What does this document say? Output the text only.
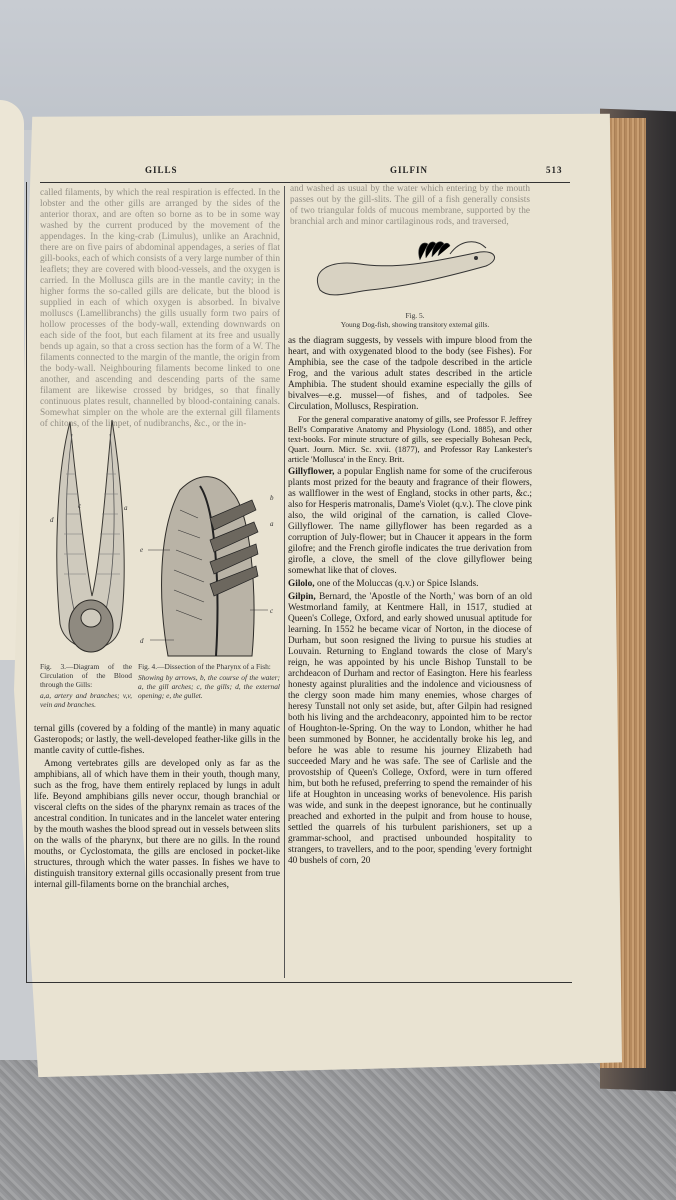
GILLS	GILFIN	513

called filaments, by which the real respiration is effected. In the lobster and the other gills are arranged by the sides of the anterior thorax, and are often so borne as to be in some way washed by the current produced by the movement of the appendages. In the king-crab (Limulus), unlike an Arachnid, there are on five pairs of abdominal appendages, a series of flat gill-books, each of which consists of a very large number of thin leaflets; they are covered with blood-vessels, and the oxygen is carried. In the Mollusca gills are in the mantle cavity; in the higher forms the so-called gills are delicate, but the blood is supplied in each of which oxygen is absorbed. In bivalve molluscs (Lamellibranchs) the gills usually form two pairs of hollow processes of the body-wall, extending downwards on each side of the foot, but each filament at its free and usually bends up again, so that a cross section has the form of a W. The filaments connected to the margin of the mantle, the origin from the body-wall. Neighbouring filaments become linked to one another, and ascending and descending parts of the same filament are likewise crossed by bridges, so that finally continuous plates result, channelled by blood-containing canals. Somewhat simpler on the whole are the external gill filaments of chitons, of the limpet, of nudibranchs, &c., or the in-

d
c	a
Fig. 3.—Diagram of the Circulation of the Blood through the Gills:
a,a, artery and branches; v,v, vein and branches.
e
d
b
a
c
Fig. 4.—Dissection of the Pharynx of a Fish:
Showing by arrows, b, the course of the water; a, the gill arches; c, the gills; d, the external opening; e, the gullet.

ternal gills (covered by a folding of the mantle) in many aquatic Gasteropods; or lastly, the well-developed feather-like gills in the mantle cavity of cuttle-fishes.

Among vertebrates gills are developed only as far as the amphibians, all of which have them in their youth, though many, such as the frog, have them entirely replaced by lungs in adult life. Beyond amphibians gills never occur, though branchial or visceral clefts on the sides of the pharynx remain as traces of the ancestral condition. In tunicates and in the lancelet water entering by the mouth washes the blood spread out in vessels between slits on the walls of the pharynx, but there are no gills. In the round mouths, or Cyclostomata, the gills are enclosed in pocket-like structures, through which the water passes. In fishes we have to distinguish transitory external gills occasionally present from true internal gill-filaments borne on the branchial arches,

and washed as usual by the water which entering by the mouth passes out by the gill-slits. The gill of a fish generally consists of two triangular folds of mucous membrane, supported by the branchial arch and minor cartilaginous rods, and traversed,

Fig. 5.
Young Dog-fish, showing transitory external gills.

as the diagram suggests, by vessels with impure blood from the heart, and with oxygenated blood to the body (see Fishes). For Amphibia, see the case of the tadpole described in the article Frog, and the various adult states described in the article Amphibia. The student should examine especially the gills of bivalves—e.g. mussel—of fishes, and of tadpoles. See Circulation, Molluscs, Respiration.

For the general comparative anatomy of gills, see Professor F. Jeffrey Bell's Comparative Anatomy and Physiology (Lond. 1885), and other text-books. For minute structure of gills, see especially Bohesan Peck, Quart. Journ. Micr. Sc. xvii. (1877), and Professor Ray Lankester's article 'Mollusca' in the Ency. Brit.

Gillyflower, a popular English name for some of the cruciferous plants most prized for the beauty and fragrance of their flowers, as wallflower in the west of England, stocks in other parts, &c.; also for Hesperis matronalis, Dame's Violet (q.v.). The clove pink also, the wild original of the carnation, is called Clove-Gillyflower. The name gillyflower has been regarded as a corruption of July-flower; but in Chaucer it appears in the form gilofre; and the French girofle indicates the true derivation from girofle, a clove, the smell of the clove gillyflower being somewhat like that of cloves.

Gilolo, one of the Moluccas (q.v.) or Spice Islands.

Gilpin, Bernard, the 'Apostle of the North,' was born of an old Westmorland family, at Kentmere Hall, in 1517, studied at Queen's College, Oxford, and early showed unusual aptitude for learning. In 1552 he became vicar of Norton, in the diocese of Durham, but soon resigned the living to pursue his studies at Louvain. Returning to England towards the close of Mary's reign, he was appointed by his uncle Bishop Tunstall to be archdeacon of Durham and rector of Easington. Here his fearless honesty against pluralities and the indolence and viciousness of the clergy soon made him many enemies, whose charges of heresy Tunstall not only set aside, but, after Gilpin had resigned both his living and the archdeaconry, appointed him to be rector of Houghton-le-Spring. On the way to London, whither he had been summoned by Bonner, he accidentally broke his leg, and before he was able to resume his journey Elizabeth had succeeded Mary and he was safe. The see of Carlisle and the provostship of Queen's College, Oxford, were in turn offered him, but both he refused, preferring to spend the remainder of his life at Houghton in unceasing works of benevolence. His parish was wide, and sunk in the deepest ignorance, but he continually preached and exhorted in the pulpit and from house to house, settled the quarrels of his turbulent parishioners, set up a grammar-school, and practised unbounded hospitality to strangers, to travellers, and to the poor, spending 'every fortnight 40 bushels of corn, 20
